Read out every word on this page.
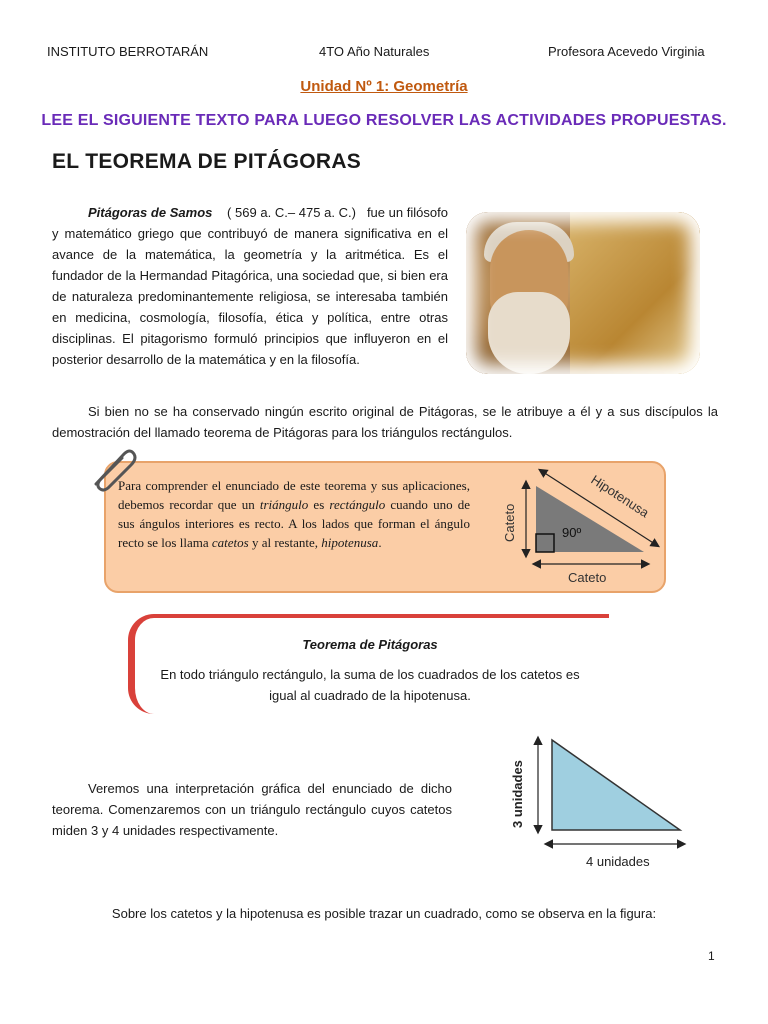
INSTITUTO BERROTARÁN	4TO Año Naturales	Profesora Acevedo Virginia
Unidad Nº 1: Geometría
LEE EL SIGUIENTE TEXTO PARA LUEGO RESOLVER LAS ACTIVIDADES PROPUESTAS.
EL TEOREMA DE PITÁGORAS
Pitágoras de Samos ( 569 a. C.– 475 a. C.) fue un filósofo y matemático griego que contribuyó de manera significativa en el avance de la matemática, la geometría y la aritmética. Es el fundador de la Hermandad Pitagórica, una sociedad que, si bien era de naturaleza predominantemente religiosa, se interesaba también en medicina, cosmología, filosofía, ética y política, entre otras disciplinas. El pitagorismo formuló principios que influyeron en el posterior desarrollo de la matemática y en la filosofía.
Si bien no se ha conservado ningún escrito original de Pitágoras, se le atribuye a él y a sus discípulos la demostración del llamado teorema de Pitágoras para los triángulos rectángulos.
Para comprender el enunciado de este teorema y sus aplicaciones, debemos recordar que un triángulo es rectángulo cuando uno de sus ángulos interiores es recto. A los lados que forman el ángulo recto se los llama catetos y al restante, hipotenusa.
Hipotenusa
Cateto
Cateto
90º
Teorema de Pitágoras
En todo triángulo rectángulo, la suma de los cuadrados de los catetos es igual al cuadrado de la hipotenusa.
Veremos una interpretación gráfica del enunciado de dicho teorema. Comenzaremos con un triángulo rectángulo cuyos catetos miden 3 y 4 unidades respectivamente.
3 unidades
4 unidades
Sobre los catetos y la hipotenusa es posible trazar un cuadrado, como se observa en la figura:
1
